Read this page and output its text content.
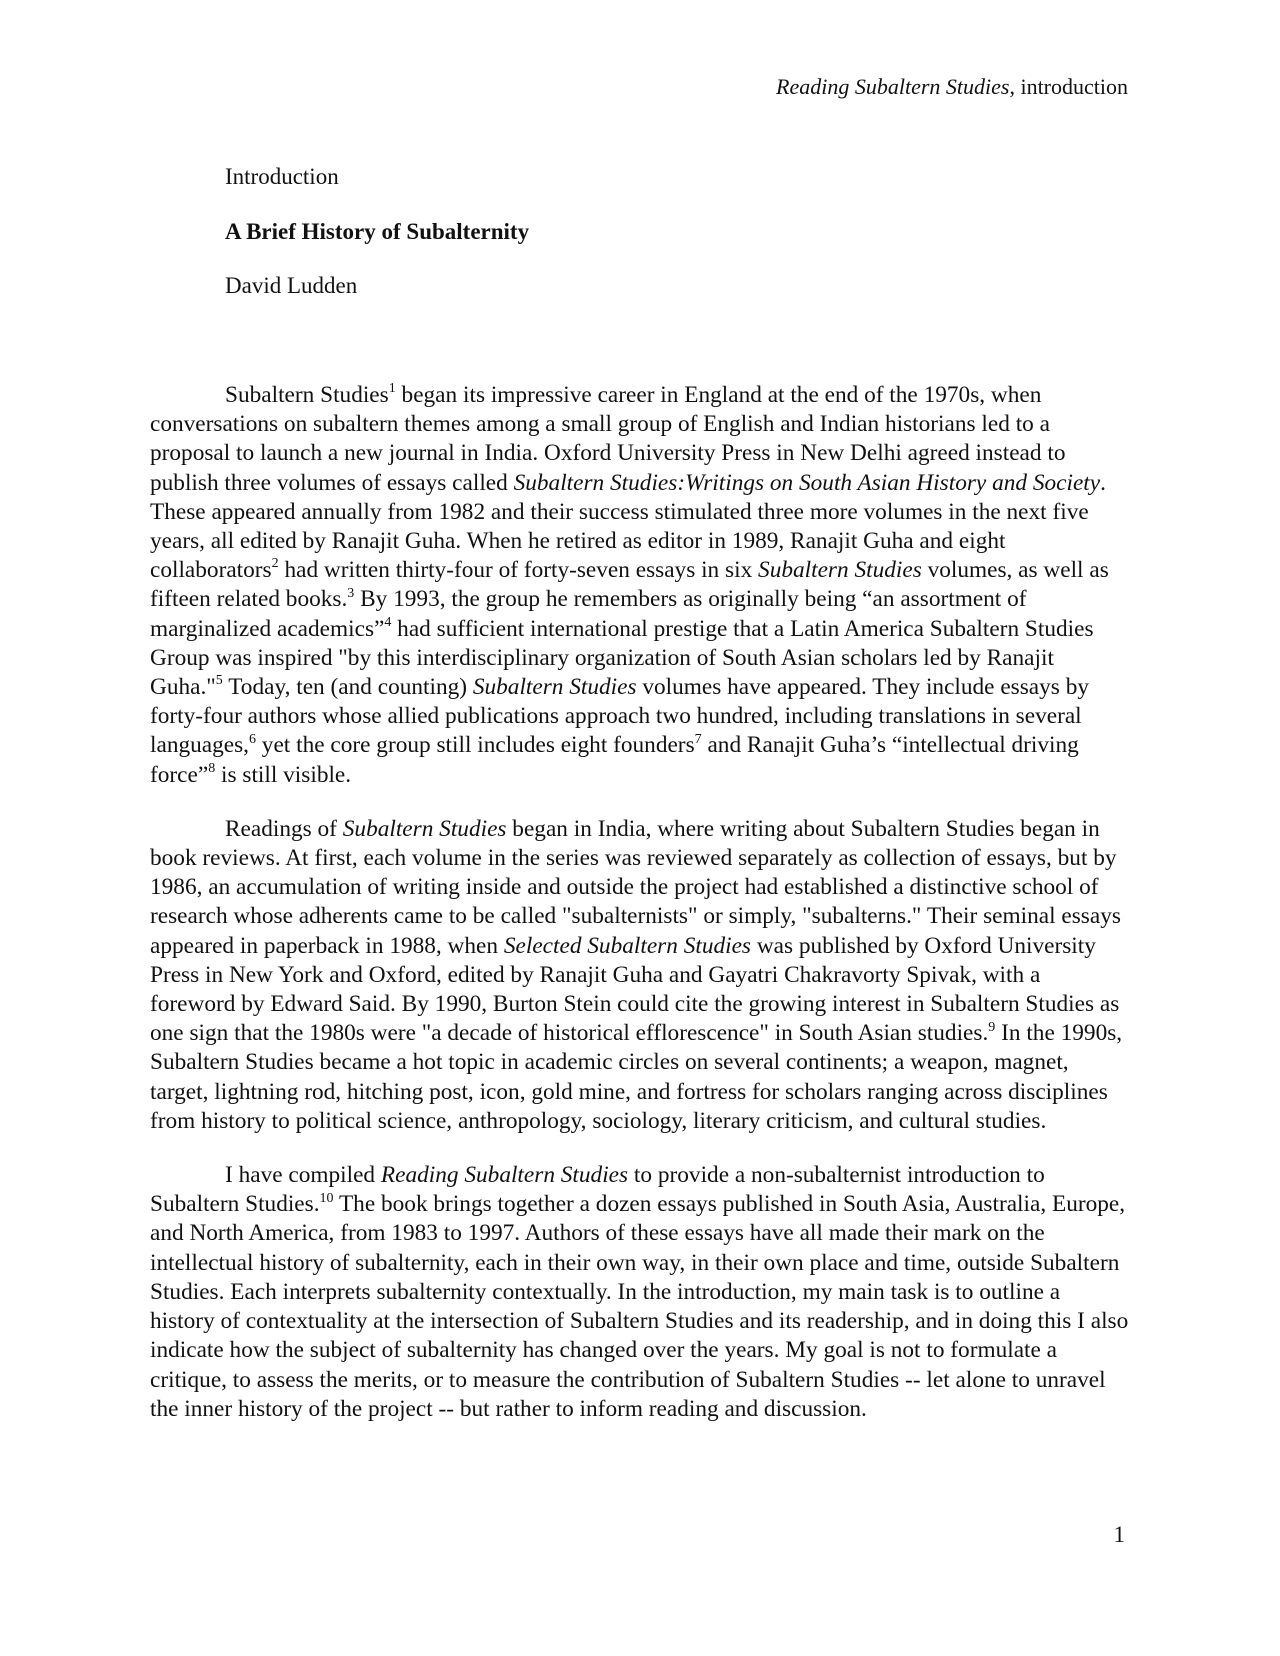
Reading Subaltern Studies, introduction

Introduction

A Brief History of Subalternity

David Ludden

Subaltern Studies$^1$ began its impressive career in England at the end of the 1970s, when conversations on subaltern themes among a small group of English and Indian historians led to a proposal to launch a new journal in India. Oxford University Press in New Delhi agreed instead to publish three volumes of essays called Subaltern Studies:Writings on South Asian History and Society. These appeared annually from 1982 and their success stimulated three more volumes in the next five years, all edited by Ranajit Guha. When he retired as editor in 1989, Ranajit Guha and eight collaborators$^2$ had written thirty-four of forty-seven essays in six Subaltern Studies volumes, as well as fifteen related books.$^3$ By 1993, the group he remembers as originally being “an assortment of marginalized academics”$^4$ had sufficient international prestige that a Latin America Subaltern Studies Group was inspired "by this interdisciplinary organization of South Asian scholars led by Ranajit Guha."$^5$ Today, ten (and counting) Subaltern Studies volumes have appeared. They include essays by forty-four authors whose allied publications approach two hundred, including translations in several languages,$^6$ yet the core group still includes eight founders$^7$ and Ranajit Guha’s “intellectual driving force”$^8$ is still visible.

Readings of Subaltern Studies began in India, where writing about Subaltern Studies began in book reviews. At first, each volume in the series was reviewed separately as collection of essays, but by 1986, an accumulation of writing inside and outside the project had established a distinctive school of research whose adherents came to be called "subalternists" or simply, "subalterns." Their seminal essays appeared in paperback in 1988, when Selected Subaltern Studies was published by Oxford University Press in New York and Oxford, edited by Ranajit Guha and Gayatri Chakravorty Spivak, with a foreword by Edward Said. By 1990, Burton Stein could cite the growing interest in Subaltern Studies as one sign that the 1980s were "a decade of historical efflorescence" in South Asian studies.$^9$ In the 1990s, Subaltern Studies became a hot topic in academic circles on several continents; a weapon, magnet, target, lightning rod, hitching post, icon, gold mine, and fortress for scholars ranging across disciplines from history to political science, anthropology, sociology, literary criticism, and cultural studies.

I have compiled Reading Subaltern Studies to provide a non-subalternist introduction to Subaltern Studies.$^{10}$ The book brings together a dozen essays published in South Asia, Australia, Europe, and North America, from 1983 to 1997. Authors of these essays have all made their mark on the intellectual history of subalternity, each in their own way, in their own place and time, outside Subaltern Studies. Each interprets subalternity contextually. In the introduction, my main task is to outline a history of contextuality at the intersection of Subaltern Studies and its readership, and in doing this I also indicate how the subject of subalternity has changed over the years. My goal is not to formulate a critique, to assess the merits, or to measure the contribution of Subaltern Studies -- let alone to unravel the inner history of the project -- but rather to inform reading and discussion.

1
